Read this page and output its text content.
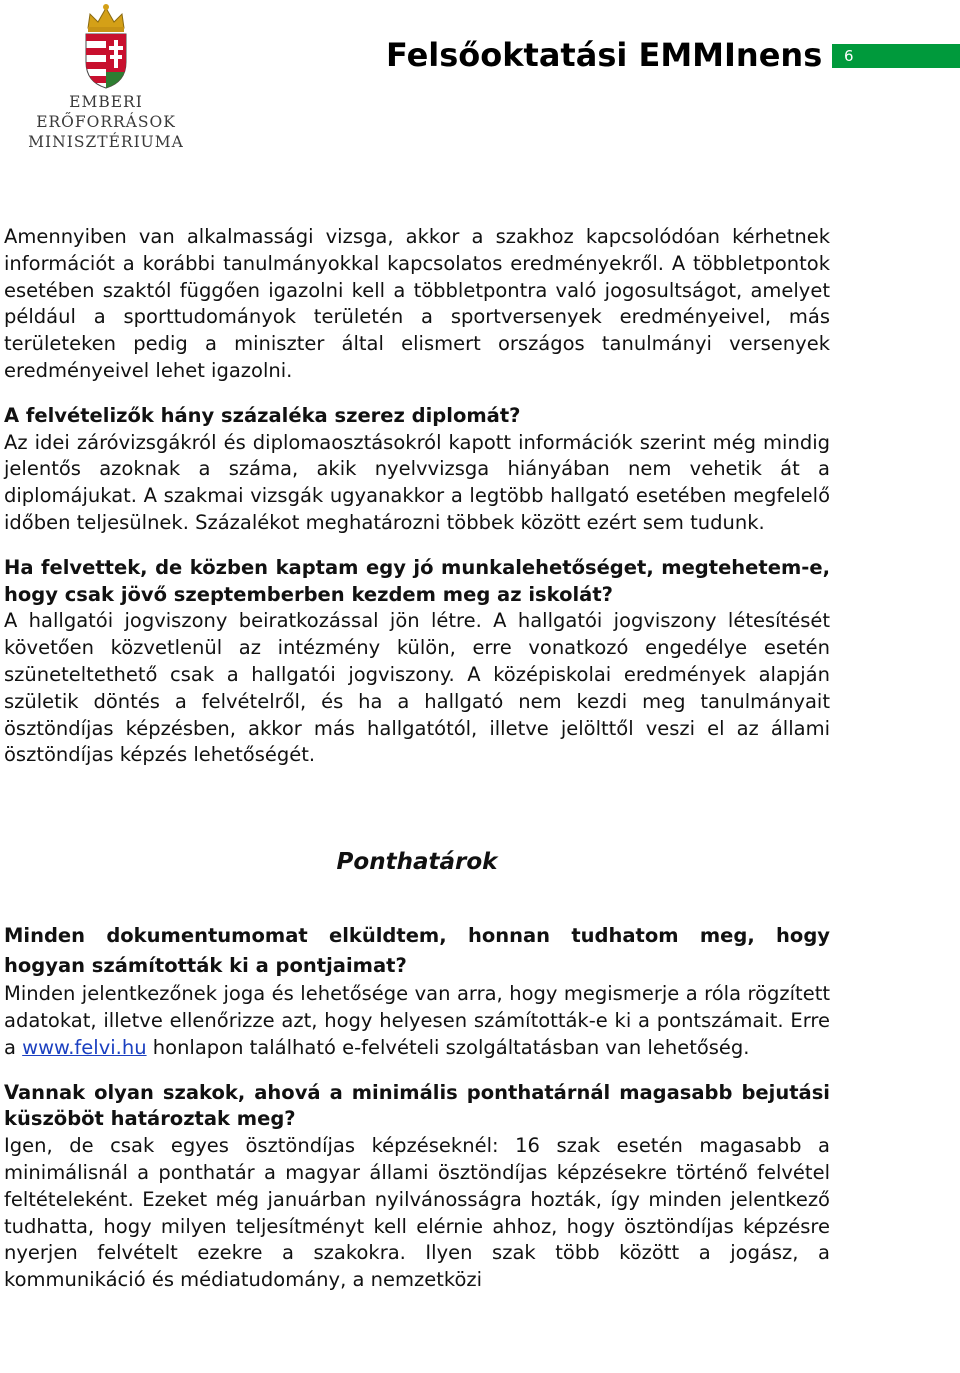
EMBERI ERŐFORRÁSOK
MINISZTÉRIUMA
Felsőoktatási EMMInens	6

Amennyiben van alkalmassági vizsga, akkor a szakhoz kapcsolódóan kérhetnek információt a korábbi tanulmányokkal kapcsolatos eredményekről. A többletpontok esetében szaktól függően igazolni kell a többletpontra való jogosultságot, amelyet például a sporttudományok területén a sportversenyek eredményeivel, más területeken pedig a miniszter által elismert országos tanulmányi versenyek eredményeivel lehet igazolni.

A felvételizők hány százaléka szerez diplomát?

Az idei záróvizsgákról és diplomaosztásokról kapott információk szerint még mindig jelentős azoknak a száma, akik nyelvvizsga hiányában nem vehetik át a diplomájukat. A szakmai vizsgák ugyanakkor a legtöbb hallgató esetében megfelelő időben teljesülnek. Százalékot meghatározni többek között ezért sem tudunk.

Ha felvettek, de közben kaptam egy jó munkalehetőséget, megtehetem-e, hogy csak jövő szeptemberben kezdem meg az iskolát?

A hallgatói jogviszony beiratkozással jön létre. A hallgatói jogviszony létesítését követően közvetlenül az intézmény külön, erre vonatkozó engedélye esetén szüneteltethető csak a hallgatói jogviszony. A középiskolai eredmények alapján születik döntés a felvételről, és ha a hallgató nem kezdi meg tanulmányait ösztöndíjas képzésben, akkor más hallgatótól, illetve jelölttől veszi el az állami ösztöndíjas képzés lehetőségét.

Ponthatárok

Minden dokumentumomat elküldtem, honnan tudhatom meg, hogy hogyan számították ki a pontjaimat?

Minden jelentkezőnek joga és lehetősége van arra, hogy megismerje a róla rögzített adatokat, illetve ellenőrizze azt, hogy helyesen számították-e ki a pontszámait. Erre a www.felvi.hu honlapon található e-felvételi szolgáltatásban van lehetőség.

Vannak olyan szakok, ahová a minimális ponthatárnál magasabb bejutási küszöböt határoztak meg?

Igen, de csak egyes ösztöndíjas képzéseknél: 16 szak esetén magasabb a minimálisnál a ponthatár a magyar állami ösztöndíjas képzésekre történő felvétel feltételeként. Ezeket még januárban nyilvánosságra hozták, így minden jelentkező tudhatta, hogy milyen teljesítményt kell elérnie ahhoz, hogy ösztöndíjas képzésre nyerjen felvételt ezekre a szakokra. Ilyen szak több között a jogász, a kommunikáció és médiatudomány, a nemzetközi
